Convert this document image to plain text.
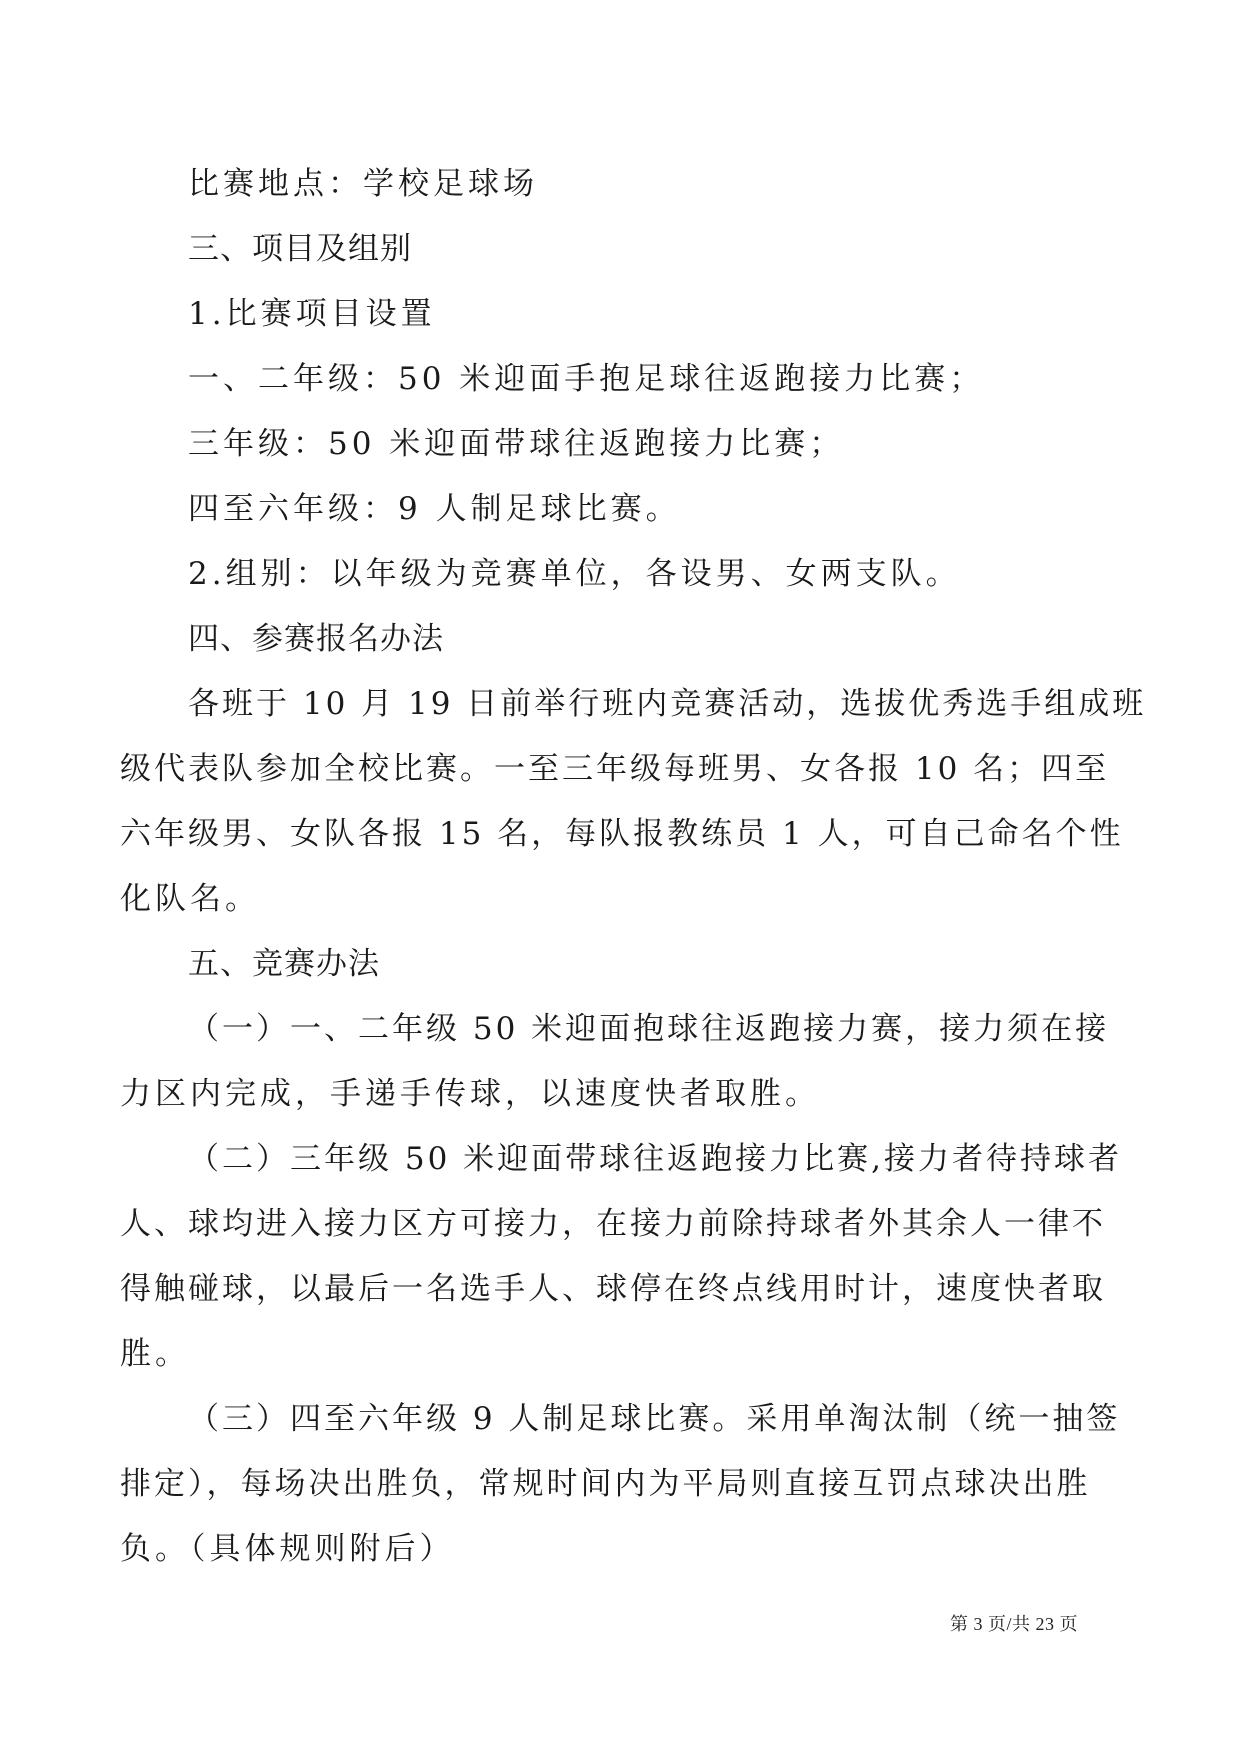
比赛地点：学校足球场
三、项目及组别
1.比赛项目设置
一、二年级：50 米迎面手抱足球往返跑接力比赛；
三年级：50 米迎面带球往返跑接力比赛；
四至六年级：9 人制足球比赛。
2.组别：以年级为竞赛单位，各设男、女两支队。
四、参赛报名办法
各班于 10 月 19 日前举行班内竞赛活动，选拔优秀选手组成班
级代表队参加全校比赛。一至三年级每班男、女各报 10 名；四至
六年级男、女队各报 15 名，每队报教练员 1 人，可自己命名个性
化队名。
五、竞赛办法
（一）一、二年级 50 米迎面抱球往返跑接力赛，接力须在接
力区内完成，手递手传球，以速度快者取胜。
（二）三年级 50 米迎面带球往返跑接力比赛,接力者待持球者
人、球均进入接力区方可接力，在接力前除持球者外其余人一律不
得触碰球，以最后一名选手人、球停在终点线用时计，速度快者取
胜。
（三）四至六年级 9 人制足球比赛。采用单淘汰制（统一抽签
排定），每场决出胜负，常规时间内为平局则直接互罚点球决出胜
负。（具体规则附后）
第 3 页/共 23 页
